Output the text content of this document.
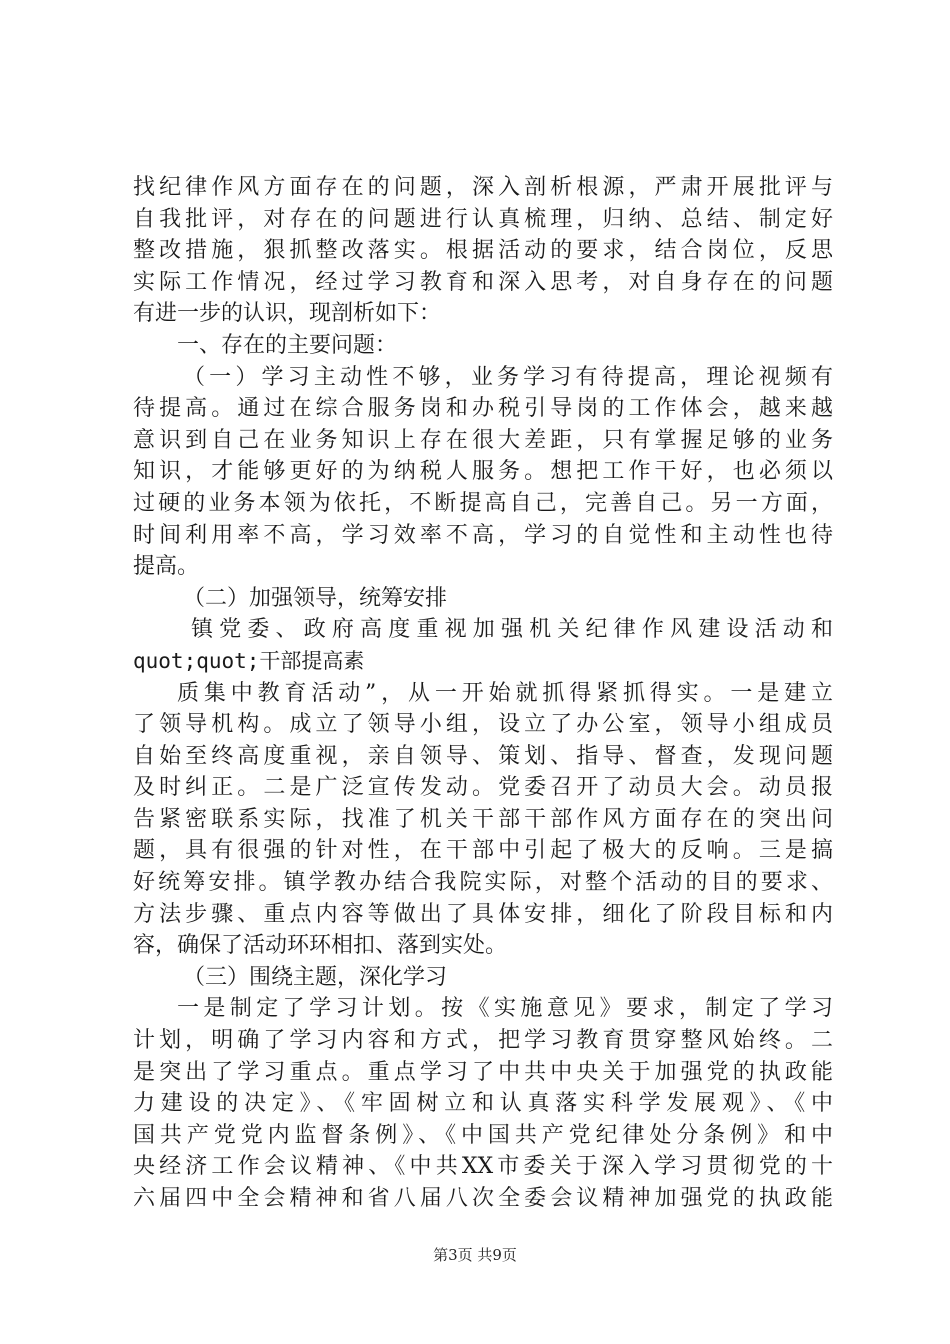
找纪律作风方面存在的问题，深入剖析根源，严肃开展批评与
自我批评，对存在的问题进行认真梳理，归纳、总结、制定好
整改措施，狠抓整改落实。根据活动的要求，结合岗位，反思
实际工作情况，经过学习教育和深入思考，对自身存在的问题
有进一步的认识，现剖析如下：
一、存在的主要问题：
（一）学习主动性不够，业务学习有待提高，理论视频有
待提高。通过在综合服务岗和办税引导岗的工作体会，越来越
意识到自己在业务知识上存在很大差距，只有掌握足够的业务
知识，才能够更好的为纳税人服务。想把工作干好，也必须以
过硬的业务本领为依托，不断提高自己，完善自己。另一方面，
时间利用率不高，学习效率不高，学习的自觉性和主动性也待
提高。
（二）加强领导，统筹安排
镇党委、政府高度重视加强机关纪律作风建设活动和
quot;quot;干部提高素
质集中教育活动”，从一开始就抓得紧抓得实。一是建立
了领导机构。成立了领导小组，设立了办公室，领导小组成员
自始至终高度重视，亲自领导、策划、指导、督查，发现问题
及时纠正。二是广泛宣传发动。党委召开了动员大会。动员报
告紧密联系实际，找准了机关干部干部作风方面存在的突出问
题，具有很强的针对性，在干部中引起了极大的反响。三是搞
好统筹安排。镇学教办结合我院实际，对整个活动的目的要求、
方法步骤、重点内容等做出了具体安排，细化了阶段目标和内
容，确保了活动环环相扣、落到实处。
（三）围绕主题，深化学习
一是制定了学习计划。按《实施意见》要求，制定了学习
计划，明确了学习内容和方式，把学习教育贯穿整风始终。二
是突出了学习重点。重点学习了中共中央关于加强党的执政能
力建设的决定》、《牢固树立和认真落实科学发展观》、《中
国共产党党内监督条例》、《中国共产党纪律处分条例》和中
央经济工作会议精神、《中共XX市委关于深入学习贯彻党的十
六届四中全会精神和省八届八次全委会议精神加强党的执政能
第3页 共9页
